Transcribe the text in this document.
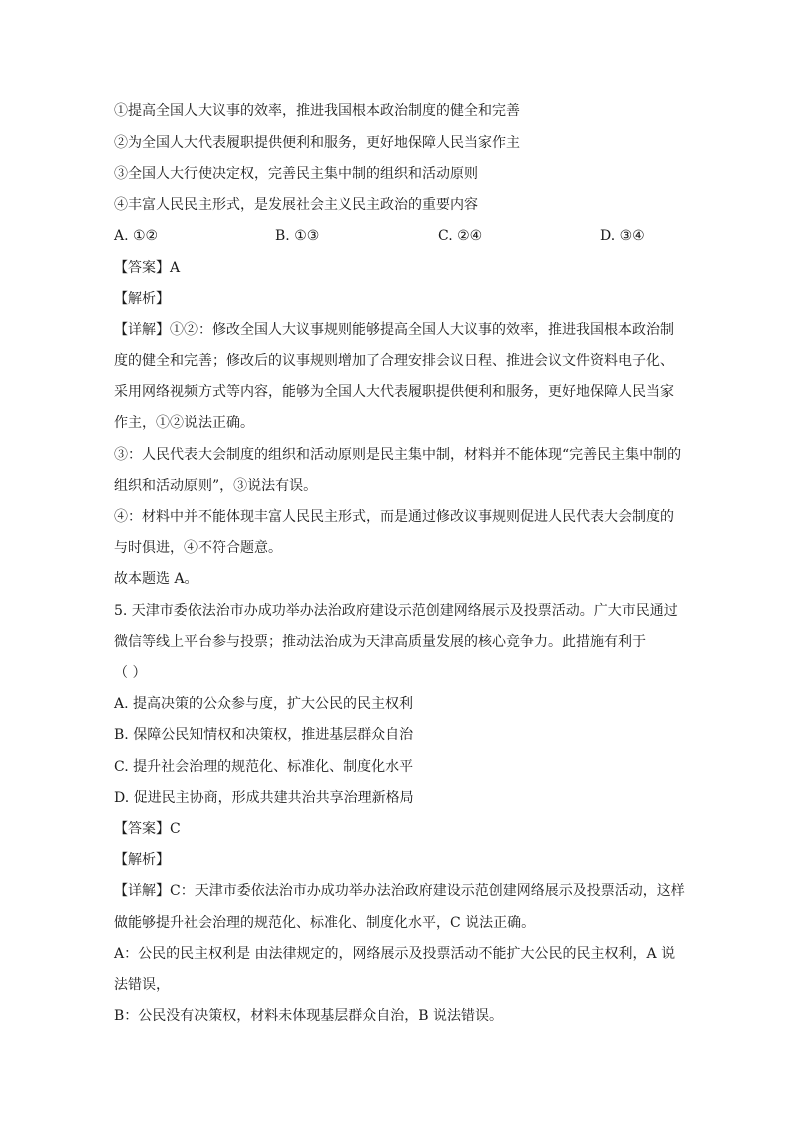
①提高全国人大议事的效率，推进我国根本政治制度的健全和完善
②为全国人大代表履职提供便利和服务，更好地保障人民当家作主
③全国人大行使决定权，完善民主集中制的组织和活动原则
④丰富人民民主形式，是发展社会主义民主政治的重要内容
A. ①②	B. ①③	C. ②④	D. ③④
【答案】A
【解析】
【详解】①②：修改全国人大议事规则能够提高全国人大议事的效率，推进我国根本政治制
度的健全和完善；修改后的议事规则增加了合理安排会议日程、推进会议文件资料电子化、
采用网络视频方式等内容，能够为全国人大代表履职提供便利和服务，更好地保障人民当家
作主，①②说法正确。
③：人民代表大会制度的组织和活动原则是民主集中制，材料并不能体现“完善民主集中制的
组织和活动原则”，③说法有误。
④：材料中并不能体现丰富人民民主形式，而是通过修改议事规则促进人民代表大会制度的
与时俱进，④不符合题意。
故本题选 A。
5. 天津市委依法治市办成功举办法治政府建设示范创建网络展示及投票活动。广大市民通过
微信等线上平台参与投票；推动法治成为天津高质量发展的核心竞争力。此措施有利于
（ ）
A. 提高决策的公众参与度，扩大公民的民主权利
B. 保障公民知情权和决策权，推进基层群众自治
C. 提升社会治理的规范化、标准化、制度化水平
D. 促进民主协商，形成共建共治共享治理新格局
【答案】C
【解析】
【详解】C：天津市委依法治市办成功举办法治政府建设示范创建网络展示及投票活动，这样
做能够提升社会治理的规范化、标准化、制度化水平，C 说法正确。
A：公民的民主权利是 由法律规定的，网络展示及投票活动不能扩大公民的民主权利，A 说
法错误，
B：公民没有决策权，材料未体现基层群众自治，B 说法错误。
